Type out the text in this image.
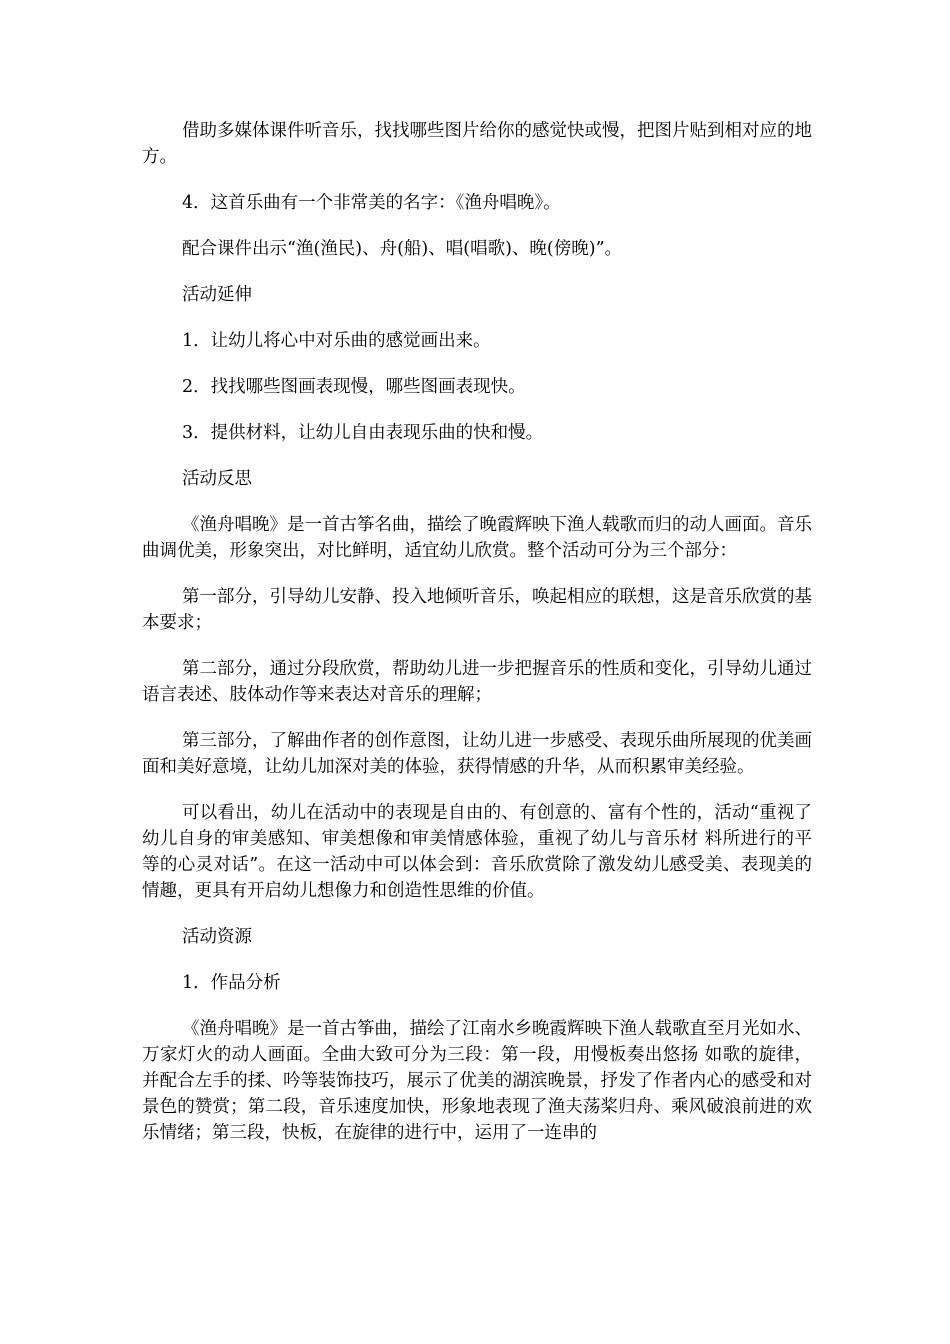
借助多媒体课件听音乐，找找哪些图片给你的感觉快或慢，把图片贴到相对应的地方。

4．这首乐曲有一个非常美的名字：《渔舟唱晚》。

配合课件出示“渔(渔民)、舟(船)、唱(唱歌)、晚(傍晚)”。

活动延伸

1．让幼儿将心中对乐曲的感觉画出来。

2．找找哪些图画表现慢，哪些图画表现快。

3．提供材料，让幼儿自由表现乐曲的快和慢。

活动反思

《渔舟唱晚》是一首古筝名曲，描绘了晚霞辉映下渔人载歌而归的动人画面。音乐曲调优美，形象突出，对比鲜明，适宜幼儿欣赏。整个活动可分为三个部分：

第一部分，引导幼儿安静、投入地倾听音乐，唤起相应的联想，这是音乐欣赏的基本要求；

第二部分，通过分段欣赏，帮助幼儿进一步把握音乐的性质和变化，引导幼儿通过语言表述、肢体动作等来表达对音乐的理解；

第三部分，了解曲作者的创作意图，让幼儿进一步感受、表现乐曲所展现的优美画面和美好意境，让幼儿加深对美的体验，获得情感的升华，从而积累审美经验。

可以看出，幼儿在活动中的表现是自由的、有创意的、富有个性的，活动“重视了幼儿自身的审美感知、审美想像和审美情感体验，重视了幼儿与音乐材 料所进行的平等的心灵对话”。在这一活动中可以体会到：音乐欣赏除了激发幼儿感受美、表现美的情趣，更具有开启幼儿想像力和创造性思维的价值。

活动资源

1．作品分析

《渔舟唱晚》是一首古筝曲，描绘了江南水乡晚霞辉映下渔人载歌直至月光如水、万家灯火的动人画面。全曲大致可分为三段：第一段，用慢板奏出悠扬 如歌的旋律，并配合左手的揉、吟等装饰技巧，展示了优美的湖滨晚景，抒发了作者内心的感受和对景色的赞赏；第二段，音乐速度加快，形象地表现了渔夫荡桨归舟、乘风破浪前进的欢乐情绪；第三段，快板，在旋律的进行中，运用了一连串的
